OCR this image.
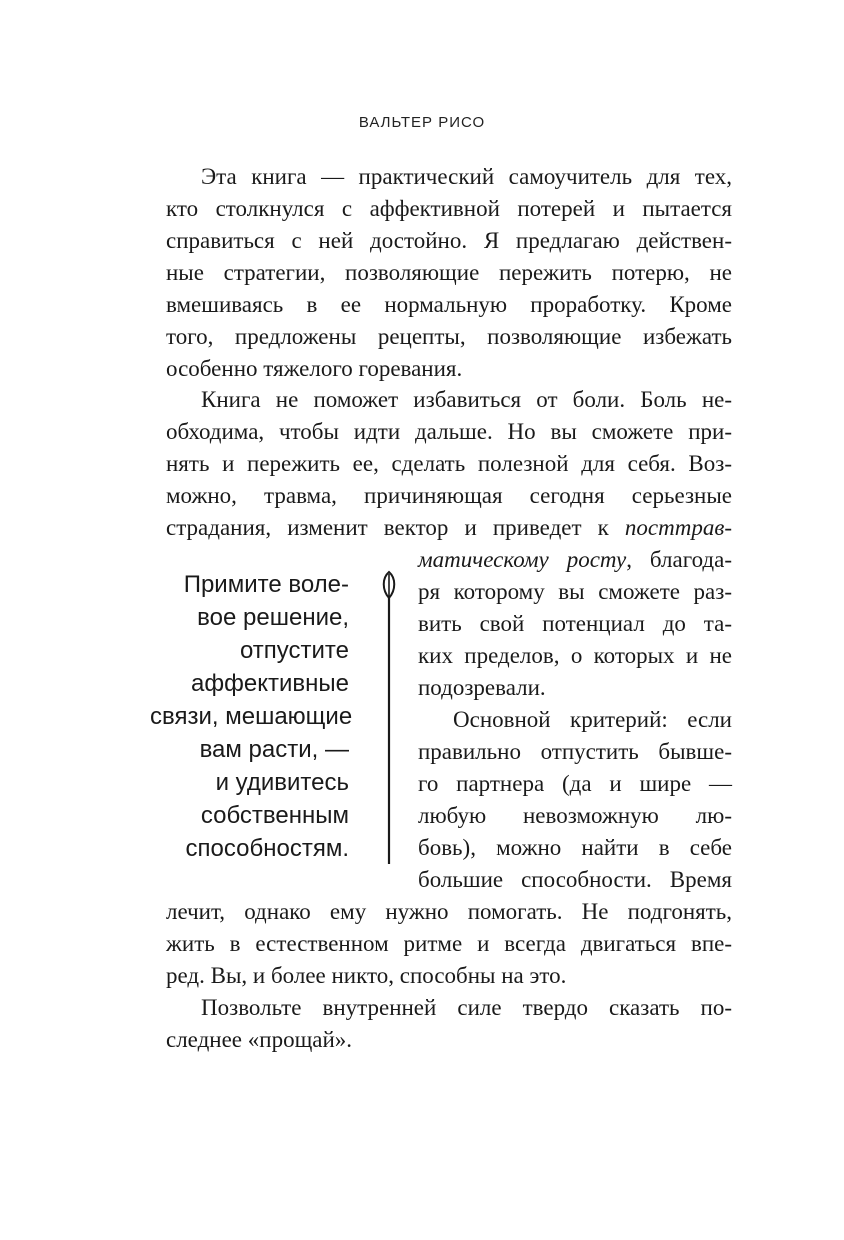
ВАЛЬТЕР РИСО
Эта книга — практический самоучитель для тех,
кто столкнулся с аффективной потерей и пытается
справиться с ней достойно. Я предлагаю действен-
ные стратегии, позволяющие пережить потерю, не
вмешиваясь в ее нормальную проработку. Кроме
того, предложены рецепты, позволяющие избежать
особенно тяжелого горевания.
Книга не поможет избавиться от боли. Боль не-
обходима, чтобы идти дальше. Но вы сможете при-
нять и пережить ее, сделать полезной для себя. Воз-
можно, травма, причиняющая сегодня серьезные
страдания, изменит вектор и приведет к посттрав-
матическому росту, благода-
ря которому вы сможете раз-
вить свой потенциал до та-
ких пределов, о которых и не
подозревали.
Основной критерий: если
правильно отпустить бывше-
го партнера (да и шире —
любую невозможную лю-
бовь), можно найти в себе
большие способности. Время
лечит, однако ему нужно помогать. Не подгонять,
жить в естественном ритме и всегда двигаться впе-
ред. Вы, и более никто, способны на это.
Позвольте внутренней силе твердо сказать по-
следнее «прощай».
Примите воле-
вое решение,
отпустите
аффективные
связи, мешающие
вам расти, —
и удивитесь
собственным
способностям.
